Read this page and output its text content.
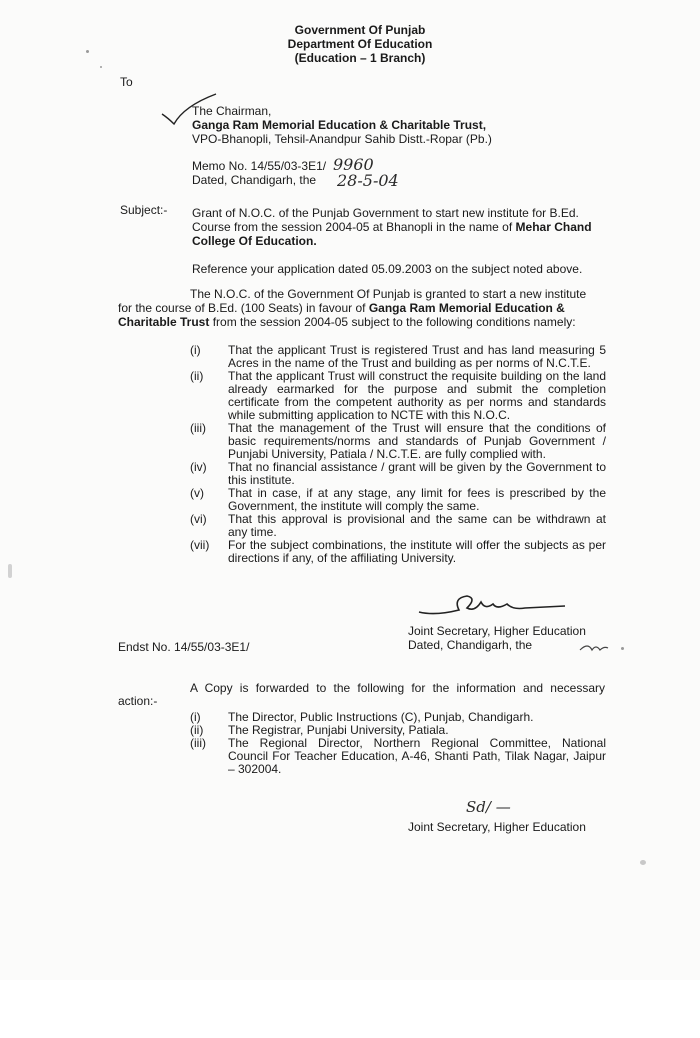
Government Of Punjab
Department Of Education
(Education – 1 Branch)
To
The Chairman,
Ganga Ram Memorial Education & Charitable Trust,
VPO-Bhanopli, Tehsil-Anandpur Sahib Distt.-Ropar (Pb.)
Memo No. 14/55/03-3E1/ 9960
Dated, Chandigarh, the 28-5-04
Subject:- Grant of N.O.C. of the Punjab Government to start new institute for B.Ed.
Course from the session 2004-05 at Bhanopli in the name of Mehar Chand
College Of Education.
Reference your application dated 05.09.2003 on the subject noted above.
The N.O.C. of the Government Of Punjab is granted to start a new institute
for the course of B.Ed. (100 Seats) in favour of Ganga Ram Memorial Education &
Charitable Trust from the session 2004-05 subject to the following conditions namely:
(i) That the applicant Trust is registered Trust and has land measuring 5
Acres in the name of the Trust and building as per norms of N.C.T.E.
(ii) That the applicant Trust will construct the requisite building on the land
already earmarked for the purpose and submit the completion
certificate from the competent authority as per norms and standards
while submitting application to NCTE with this N.O.C.
(iii) That the management of the Trust will ensure that the conditions of
basic requirements/norms and standards of Punjab Government /
Punjabi University, Patiala / N.C.T.E. are fully complied with.
(iv) That no financial assistance / grant will be given by the Government to
this institute.
(v) That in case, if at any stage, any limit for fees is prescribed by the
Government, the institute will comply the same.
(vi) That this approval is provisional and the same can be withdrawn at
any time.
(vii) For the subject combinations, the institute will offer the subjects as per
directions if any, of the affiliating University.
Joint Secretary, Higher Education
Dated, Chandigarh, the
Endst No. 14/55/03-3E1/
A Copy is forwarded to the following for the information and necessary
action:-
(i) The Director, Public Instructions (C), Punjab, Chandigarh.
(ii) The Registrar, Punjabi University, Patiala.
(iii) The Regional Director, Northern Regional Committee, National
Council For Teacher Education, A-46, Shanti Path, Tilak Nagar, Jaipur
– 302004.
Sd/ —
Joint Secretary, Higher Education
